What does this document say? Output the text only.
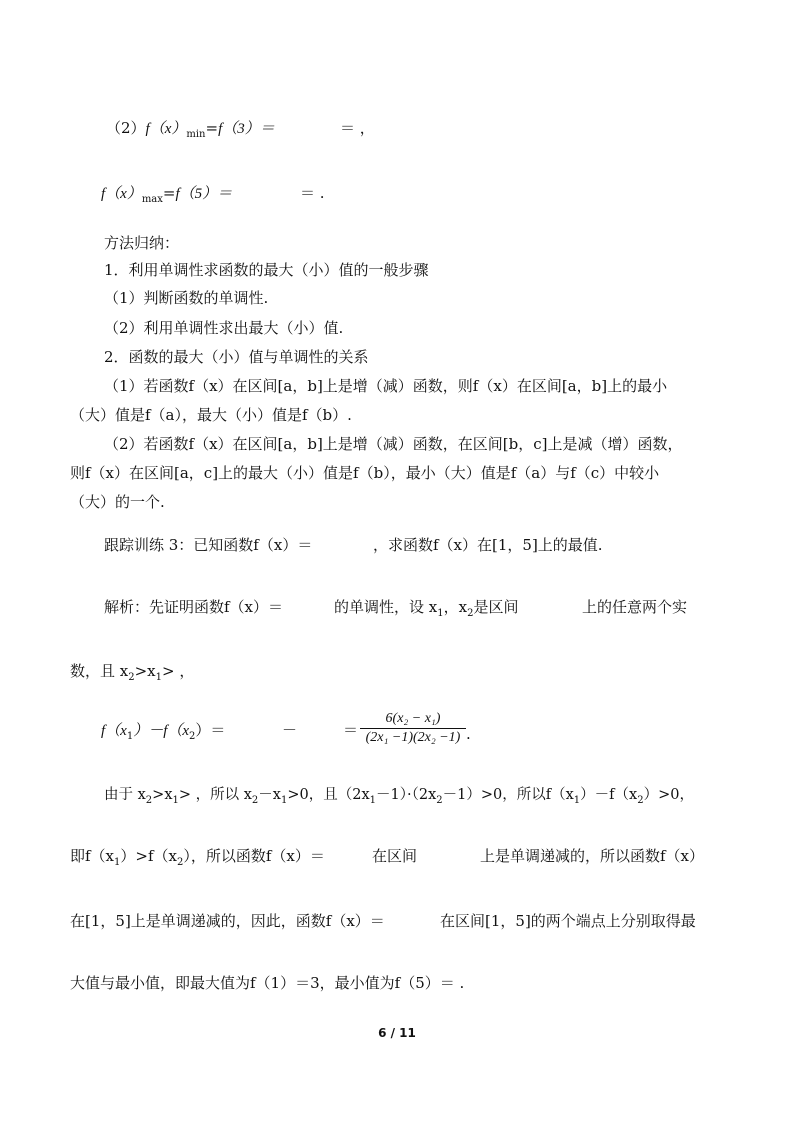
$(2)f(x)_{min}=f(3)=$	＝ ，
$f(x)_{max}=f(5)=$	＝ .
方法归纳：
1．利用单调性求函数的最大（小）值的一般步骤
（1）判断函数的单调性.
（2）利用单调性求出最大（小）值.
2．函数的最大（小）值与单调性的关系
（1）若函数f（x）在区间[a，b]上是增（减）函数，则f（x）在区间[a，b]上的最小
（大）值是f（a），最大（小）值是f（b）.
（2）若函数f（x）在区间[a，b]上是增（减）函数，在区间[b，c]上是减（增）函数，
则f（x）在区间[a，c]上的最大（小）值是f（b），最小（大）值是f（a）与f（c）中较小
（大）的一个.
跟踪训练 3：已知函数f（x）＝	，求函数f（x）在[1，5]上的最值.
解析：先证明函数f（x）＝	的单调性，设 $x_1$，$x_2$是区间	上的任意两个实
数，且 $x_2>x_1>$ ，
$f(x_1)-f(x_2)=$	－	＝
6(x₂ − x₁)
(2x₁ −1)(2x₂ −1) .
由于 $x_2>x_1>$ ，所以 $x_2-x_1>0$，且$(2x_1-1)\cdot(2x_2-1)>0$，所以$f(x_1)-f(x_2)>0$，
即$f(x_1)>f(x_2)$，所以函数f（x）＝	在区间	上是单调递减的，所以函数f（x）
在[1，5]上是单调递减的，因此，函数f（x）＝	在区间[1，5]的两个端点上分别取得最
大值与最小值，即最大值为f（1）＝3，最小值为f（5）＝ .
6 / 11
